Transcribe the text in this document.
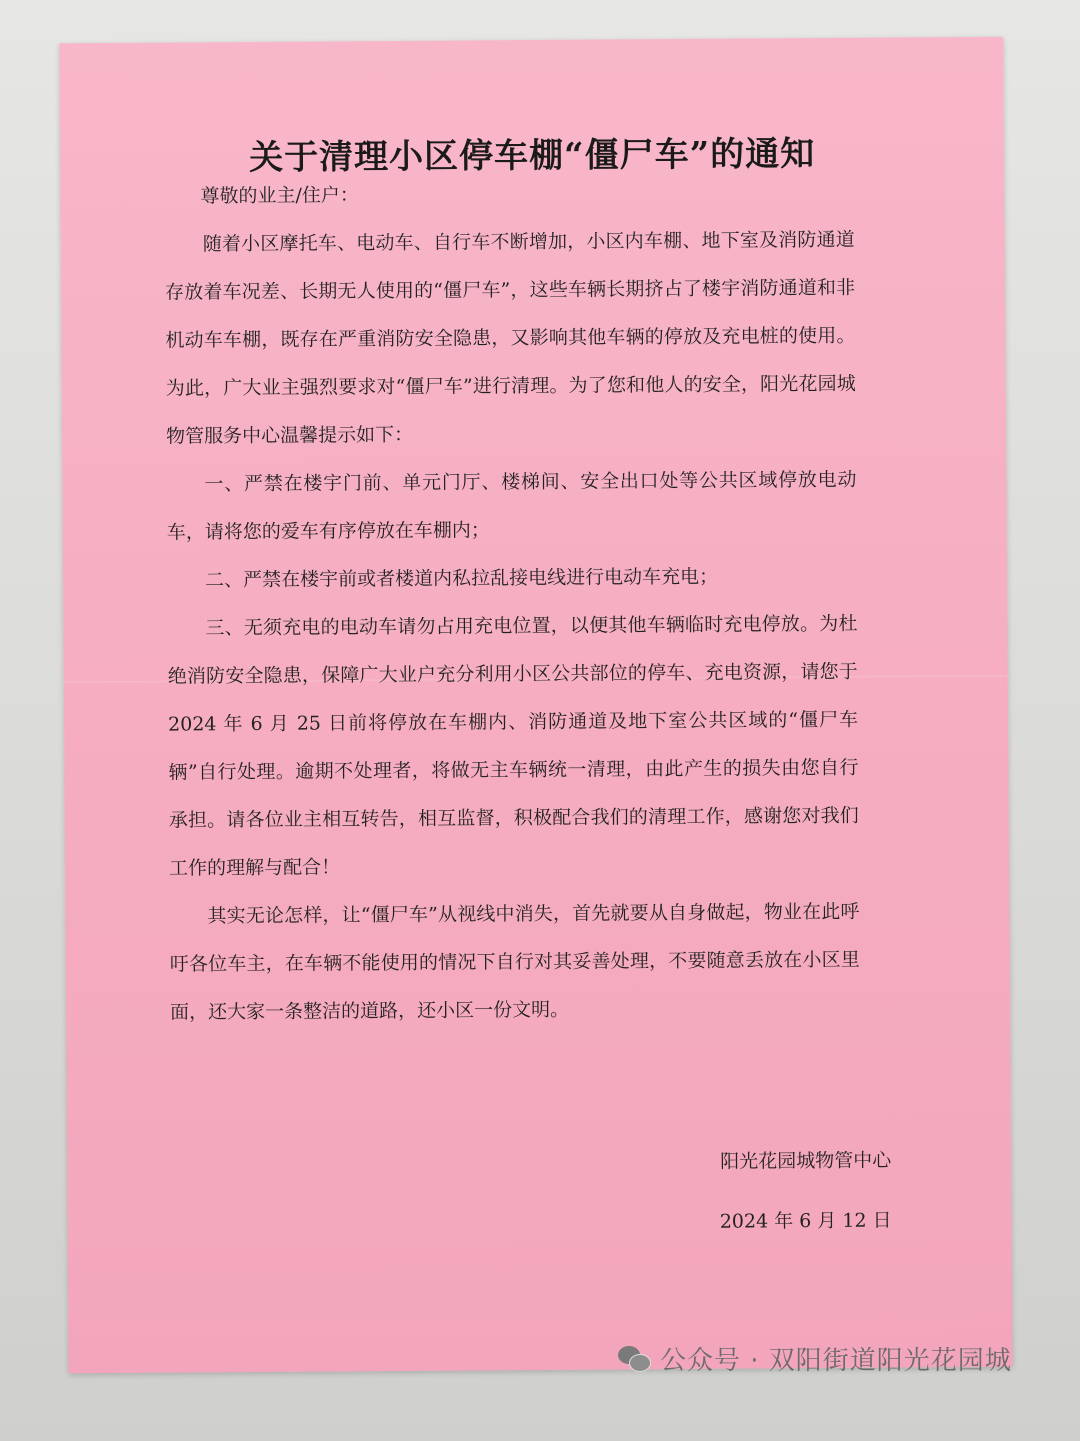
关于清理小区停车棚“僵尸车”的通知
尊敬的业主/住户：
随着小区摩托车、电动车、自行车不断增加，小区内车棚、地下室及消防通道存放着车况差、长期无人使用的“僵尸车”，这些车辆长期挤占了楼宇消防通道和非机动车车棚，既存在严重消防安全隐患，又影响其他车辆的停放及充电桩的使用。为此，广大业主强烈要求对“僵尸车”进行清理。为了您和他人的安全，阳光花园城物管服务中心温馨提示如下：
一、严禁在楼宇门前、单元门厅、楼梯间、安全出口处等公共区域停放电动车，请将您的爱车有序停放在车棚内；
二、严禁在楼宇前或者楼道内私拉乱接电线进行电动车充电；
三、无须充电的电动车请勿占用充电位置，以便其他车辆临时充电停放。为杜绝消防安全隐患，保障广大业户充分利用小区公共部位的停车、充电资源，请您于 2024 年 6 月 25 日前将停放在车棚内、消防通道及地下室公共区域的“僵尸车辆”自行处理。逾期不处理者，将做无主车辆统一清理，由此产生的损失由您自行承担。请各位业主相互转告，相互监督，积极配合我们的清理工作，感谢您对我们工作的理解与配合！
其实无论怎样，让“僵尸车”从视线中消失，首先就要从自身做起，物业在此呼吁各位车主，在车辆不能使用的情况下自行对其妥善处理，不要随意丢放在小区里面，还大家一条整洁的道路，还小区一份文明。
阳光花园城物管中心
2024 年 6 月 12 日
公众号 · 双阳街道阳光花园城
